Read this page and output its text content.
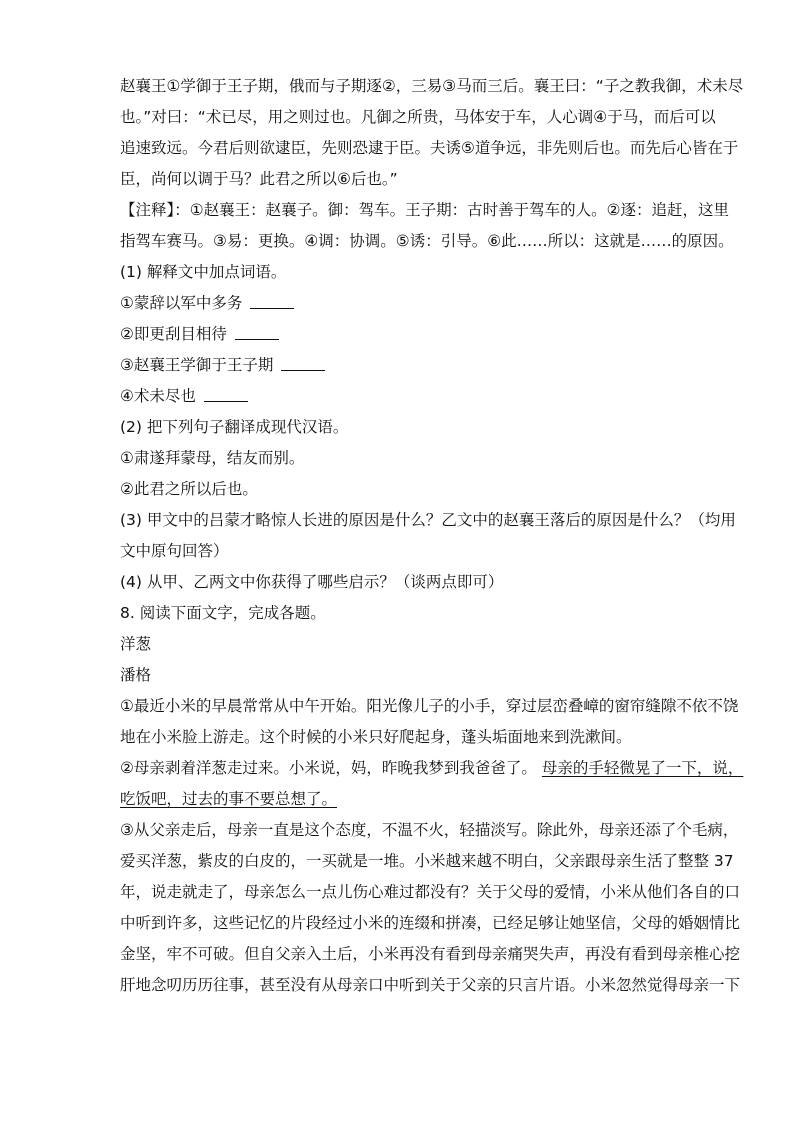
赵襄王①学御于王子期，俄而与子期逐②，三易③马而三后。襄王曰：“子之教我御，术未尽
也。”对曰：“术已尽，用之则过也。凡御之所贵，马体安于车，人心调④于马，而后可以
追速致远。今君后则欲逮臣，先则恐逮于臣。夫诱⑤道争远，非先则后也。而先后心皆在于
臣，尚何以调于马？此君之所以⑥后也。”
【注释】：①赵襄王：赵襄子。御：驾车。王子期：古时善于驾车的人。②逐：追赶，这里
指驾车赛马。③易：更换。④调：协调。⑤诱：引导。⑥此……所以：这就是……的原因。
(1) 解释文中加点词语。
①蒙辞以军中多务
②即更刮目相待
③赵襄王学御于王子期
④术未尽也
(2) 把下列句子翻译成现代汉语。
①肃遂拜蒙母，结友而别。
②此君之所以后也。
(3) 甲文中的吕蒙才略惊人长进的原因是什么？乙文中的赵襄王落后的原因是什么？（均用
文中原句回答）
(4) 从甲、乙两文中你获得了哪些启示？（谈两点即可）
8. 阅读下面文字，完成各题。
洋葱
潘格
①最近小米的早晨常常从中午开始。阳光像儿子的小手，穿过层峦叠嶂的窗帘缝隙不依不饶
地在小米脸上游走。这个时候的小米只好爬起身，蓬头垢面地来到洗漱间。
②母亲剥着洋葱走过来。小米说，妈，昨晚我梦到我爸爸了。 母亲的手轻微晃了一下，说，
吃饭吧，过去的事不要总想了。
③从父亲走后，母亲一直是这个态度，不温不火，轻描淡写。除此外，母亲还添了个毛病，
爱买洋葱，紫皮的白皮的，一买就是一堆。小米越来越不明白，父亲跟母亲生活了整整 37
年，说走就走了，母亲怎么一点儿伤心难过都没有？关于父母的爱情，小米从他们各自的口
中听到许多，这些记忆的片段经过小米的连缀和拼凑，已经足够让她坚信，父母的婚姻情比
金坚，牢不可破。但自父亲入土后，小米再没有看到母亲痛哭失声，再没有看到母亲椎心挖
肝地念叨历历往事，甚至没有从母亲口中听到关于父亲的只言片语。小米忽然觉得母亲一下
